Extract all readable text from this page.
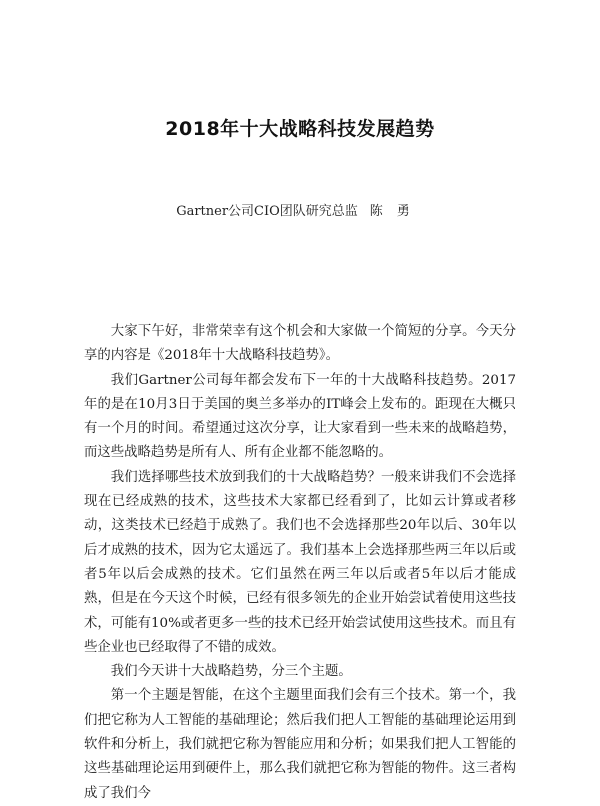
2018年十大战略科技发展趋势
Gartner公司CIO团队研究总监 陈勇

大家下午好，非常荣幸有这个机会和大家做一个简短的分享。今天分享的内容是《2018年十大战略科技趋势》。

我们Gartner公司每年都会发布下一年的十大战略科技趋势。2017年的是在10月3日于美国的奥兰多举办的IT峰会上发布的。距现在大概只有一个月的时间。希望通过这次分享，让大家看到一些未来的战略趋势，而这些战略趋势是所有人、所有企业都不能忽略的。

我们选择哪些技术放到我们的十大战略趋势？一般来讲我们不会选择现在已经成熟的技术，这些技术大家都已经看到了，比如云计算或者移动，这类技术已经趋于成熟了。我们也不会选择那些20年以后、30年以后才成熟的技术，因为它太遥远了。我们基本上会选择那些两三年以后或者5年以后会成熟的技术。它们虽然在两三年以后或者5年以后才能成熟，但是在今天这个时候，已经有很多领先的企业开始尝试着使用这些技术，可能有10%或者更多一些的技术已经开始尝试使用这些技术。而且有些企业也已经取得了不错的成效。

我们今天讲十大战略趋势，分三个主题。

第一个主题是智能，在这个主题里面我们会有三个技术。第一个，我们把它称为人工智能的基础理论；然后我们把人工智能的基础理论运用到软件和分析上，我们就把它称为智能应用和分析；如果我们把人工智能的这些基础理论运用到硬件上，那么我们就把它称为智能的物件。这三者构成了我们今
